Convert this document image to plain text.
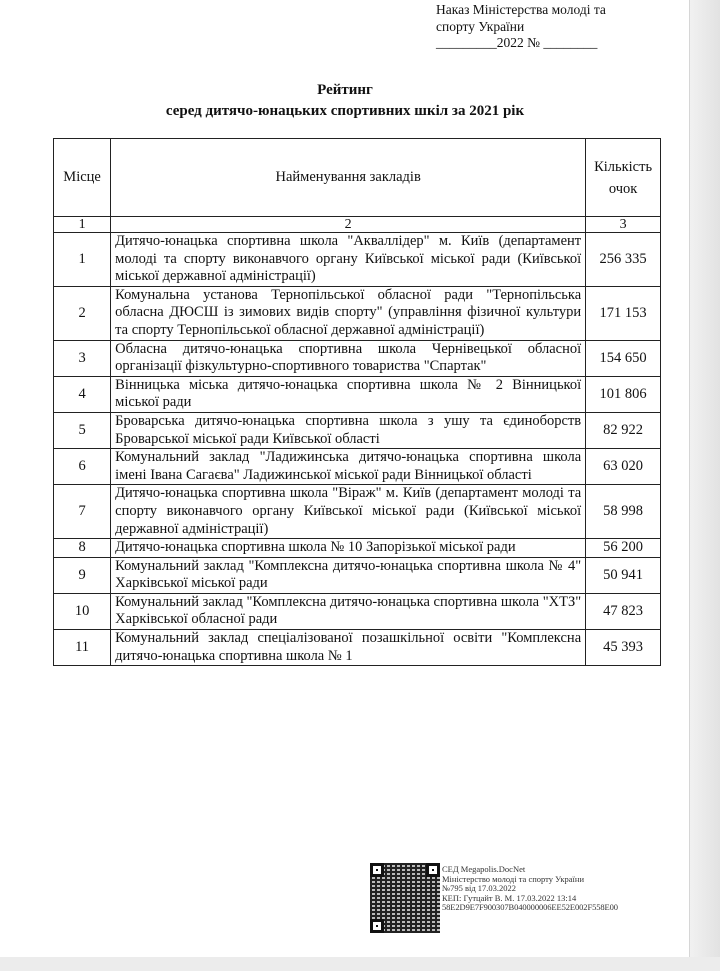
Наказ Міністерства молоді та
спорту України
_________2022 № ________
Рейтинг
серед дитячо-юнацьких спортивних шкіл за 2021 рік
Місце	Найменування закладів	Кількість
очок
1	2	3
1	Дитячо-юнацька спортивна школа "Акваллідер" м. Київ (департамент молоді та спорту виконавчого органу Київської міської ради (Київської міської державної адміністрації)	256 335
2	Комунальна установа Тернопільської обласної ради "Тернопільська обласна ДЮСШ із зимових видів спорту" (управління фізичної культури та спорту Тернопільської обласної державної адміністрації)	171 153
3	Обласна дитячо-юнацька спортивна школа Чернівецької обласної організації фізкультурно-спортивного товариства "Спартак"	154 650
4	Вінницька міська дитячо-юнацька спортивна школа № 2 Вінницької міської ради	101 806
5	Броварська дитячо-юнацька спортивна школа з ушу та єдиноборств Броварської міської ради Київської області	82 922
6	Комунальний заклад "Ладижинська дитячо-юнацька спортивна школа імені Івана Сагаєва" Ладижинської міської ради Вінницької області	63 020
7	Дитячо-юнацька спортивна школа "Віраж" м. Київ (департамент молоді та спорту виконавчого органу Київської міської ради (Київської міської державної адміністрації)	58 998
8	Дитячо-юнацька спортивна школа № 10 Запорізької міської ради	56 200
9	Комунальний заклад "Комплексна дитячо-юнацька спортивна школа № 4" Харківської міської ради	50 941
10	Комунальний заклад "Комплексна дитячо-юнацька спортивна школа "ХТЗ" Харківської обласної ради	47 823
11	Комунальний заклад спеціалізованої позашкільної освіти "Комплексна дитячо-юнацька спортивна школа № 1	45 393
СЕД Megapolis.DocNet
Міністерство молоді та спорту України
№795 від 17.03.2022
КЕП: Гутцайт В. М. 17.03.2022 13:14
58E2D9E7F900307B040000006EE52E002F558E00
